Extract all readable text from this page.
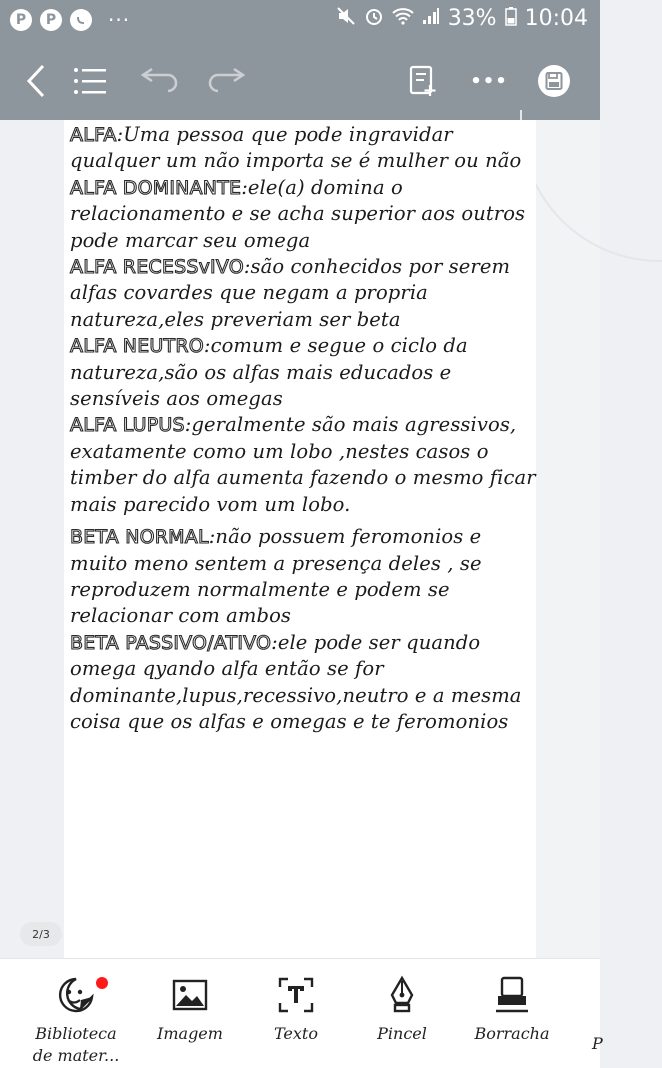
P	P	···	33% 10:04
•••

ALFA:Uma pessoa que pode ingravidar qualquer um não importa se é mulher ou não

ALFA DOMINANTE:ele(a) domina o relacionamento e se acha superior aos outros pode marcar seu omega

ALFA RECESSvIVO:são conhecidos por serem alfas covardes que negam a propria natureza,eles preveriam ser beta

ALFA NEUTRO:comum e segue o ciclo da natureza,são os alfas mais educados e sensíveis aos omegas

ALFA LUPUS:geralmente são mais agressivos, exatamente como um lobo ,nestes casos o timber do alfa aumenta fazendo o mesmo ficar mais parecido vom um lobo.

BETA NORMAL:não possuem feromonios e muito meno sentem a presença deles , se reproduzem normalmente e podem se relacionar com ambos

BETA PASSIVO/ATIVO:ele pode ser quando omega qyando alfa então se for dominante,lupus,recessivo,neutro e a mesma coisa que os alfas e omegas e te feromonios

2/3
Biblioteca de mater...
Imagem	Texto	Pincel	Borracha
P
